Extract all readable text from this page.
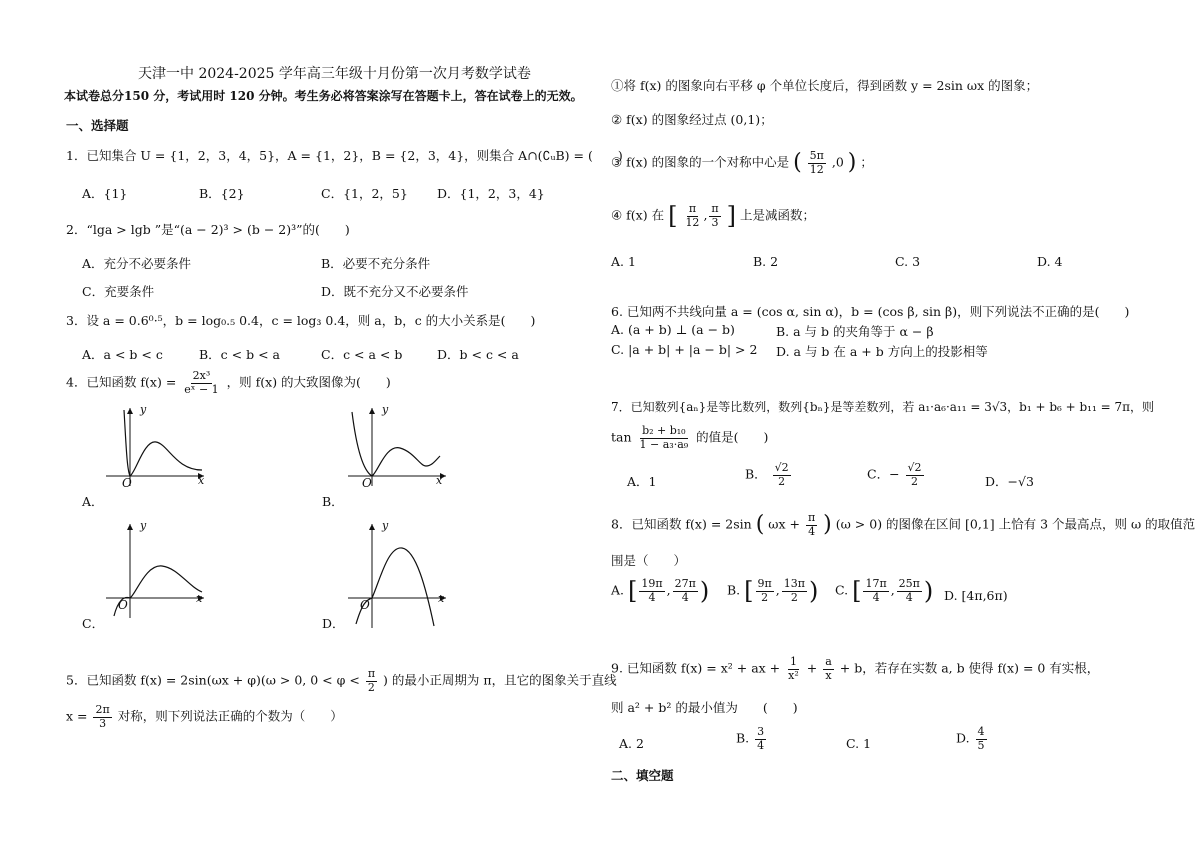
天津一中 2024-2025 学年高三年级十月份第一次月考数学试卷
本试卷总分150 分，考试用时 120 分钟。考生务必将答案涂写在答题卡上，答在试卷上的无效。
一、选择题
1．已知集合 U = {1，2，3，4，5}，A = {1，2}，B = {2，3，4}，则集合 A∩(∁ᵤB) = (　　)
A．{1}	B．{2}	C．{1，2，5} D．{1，2，3，4}
2．“lga > lgb ”是“(a − 2)³ > (b − 2)³”的(　　)
A．充分不必要条件	B．必要不充分条件
C．充要条件	D．既不充分又不必要条件
3．设 a = 0.6⁰·⁵，b = log₀.₅ 0.4，c = log₃ 0.4，则 a，b，c 的大小关系是(　　)
A．a < b < c	B．c < b < a	C．c < a < b	D．b < c < a
4．已知函数 $f(x) = \frac{\text{2x³}}{\text{eˣ − 1}}$ ，则 f(x) 的大致图像为(　　)
y
x
O
A．
y
x
O
B．
y
x
O
C．
y
x
O
D．
5．已知函数 f(x) = 2sin(ωx + φ)(ω > 0, $0 < \varphi < \frac{\pi}{2}$ ) 的最小正周期为 π，且它的图象关于直线
$x = \frac{2\pi}{3}$ 对称，则下列说法正确的个数为（　　）
①将 f(x) 的图象向右平移 φ 个单位长度后，得到函数 y = 2sin ωx 的图象；
② f(x) 的图象经过点 (0,1)；
③ f(x) 的图象的一个对称中心是 ( $\frac{5\pi}{12} ,0$ ) ；
④ f(x) 在 [ $\frac{\pi}{12}$ , $\frac{\pi}{3}$ ] 上是减函数；
A. 1	B. 2	C. 3	D. 4
6. 已知两不共线向量 a = (cos α, sin α)，b = (cos β, sin β)，则下列说法不正确的是(　　)
A. (a + b) ⊥ (a − b)	B. a 与 b 的夹角等于 α − β
C. |a + b| + |a − b| > 2 D. a 与 b 在 a + b 方向上的投影相等
7．已知数列{aₙ}是等比数列，数列{bₙ}是等差数列，若 a₁·a₆·a₁₁ = 3√3，b₁ + b₆ + b₁₁ = 7π，则
$\tan \frac{\text{b₂ + b₁₀}}{\text{1 − a₃·a₉}}$ 的值是(　　)
A．1	B． $\frac{√2}{2}$	C．− $\frac{√2}{2}$	D．−√3
8．已知函数 f(x) = 2sin ( $\omega x + \frac{\pi}{4}$ ) (ω > 0) 的图像在区间 [0,1] 上恰有 3 个最高点，则 ω 的取值范
围是（　　）
A. [ $\frac{19\pi}{4}$ , $\frac{27\pi}{4}$ ) B. [ $\frac{9\pi}{2}$ , $\frac{13\pi}{2}$ ) C. [ $\frac{17\pi}{4}$ , $\frac{25\pi}{4}$ ) D. [4π,6π)
9. 已知函数 f(x) = x² + ax + $\frac{1}{\text{x²}} + \frac{a}{x} + b$，若存在实数 a, b 使得 f(x) = 0 有实根，
则 a² + b² 的最小值为　　(　　)
A. 2	B. $\frac{3}{4}$	C. 1	D. $\frac{4}{5}$
二、填空题
